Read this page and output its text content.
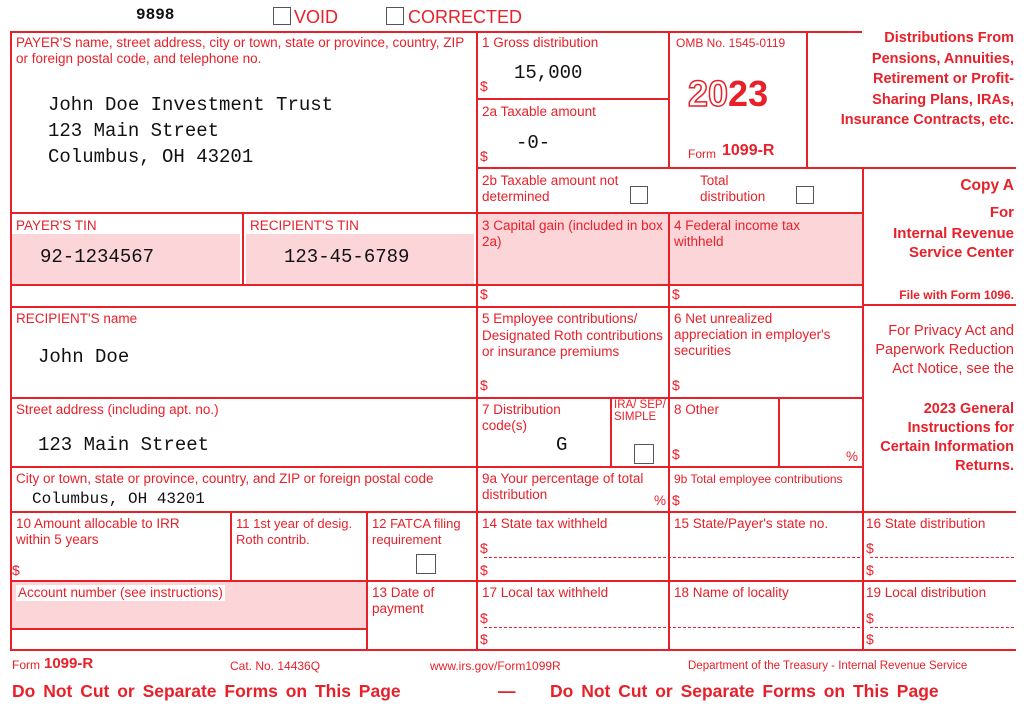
9898	VOID	CORRECTED
PAYER'S name, street address, city or town, state or province, country, ZIP or foreign postal code, and telephone no.
John Doe Investment Trust
123 Main Street
Columbus, OH 43201
1 Gross distribution
15,000
$
2a Taxable amount
-0-
$
OMB No. 1545-0119
2023
Form 1099-R
Distributions From Pensions, Annuities, Retirement or Profit-Sharing Plans, IRAs, Insurance Contracts, etc.
2b Taxable amount not determined
Total distribution
Copy A
For
Internal Revenue Service Center
File with Form 1096.
PAYER'S TIN
92-1234567
RECIPIENT'S TIN
123-45-6789
3 Capital gain (included in box 2a)
$
4 Federal income tax withheld
$
RECIPIENT'S name
John Doe
5 Employee contributions/ Designated Roth contributions or insurance premiums
$
6 Net unrealized appreciation in employer's securities
$
For Privacy Act and Paperwork Reduction Act Notice, see the
2023 General Instructions for Certain Information Returns.
Street address (including apt. no.)
123 Main Street
7 Distribution code(s)
G
IRA/ SEP/ SIMPLE	8 Other
$	%
City or town, state or province, country, and ZIP or foreign postal code
Columbus, OH 43201
9a Your percentage of total distribution	%
9b Total employee contributions
$
10 Amount allocable to IRR within 5 years
$
11 1st year of desig. Roth contrib.
12 FATCA filing requirement
14 State tax withheld
$
$
15 State/Payer's state no.	16 State distribution
$
$
Account number (see instructions)	13 Date of payment
17 Local tax withheld
$
$
18 Name of locality	19 Local distribution
$
$
Form 1099-R	Cat. No. 14436Q	www.irs.gov/Form1099R	Department of the Treasury - Internal Revenue Service
Do Not Cut or Separate Forms on This Page	— Do Not Cut or Separate Forms on This Page
